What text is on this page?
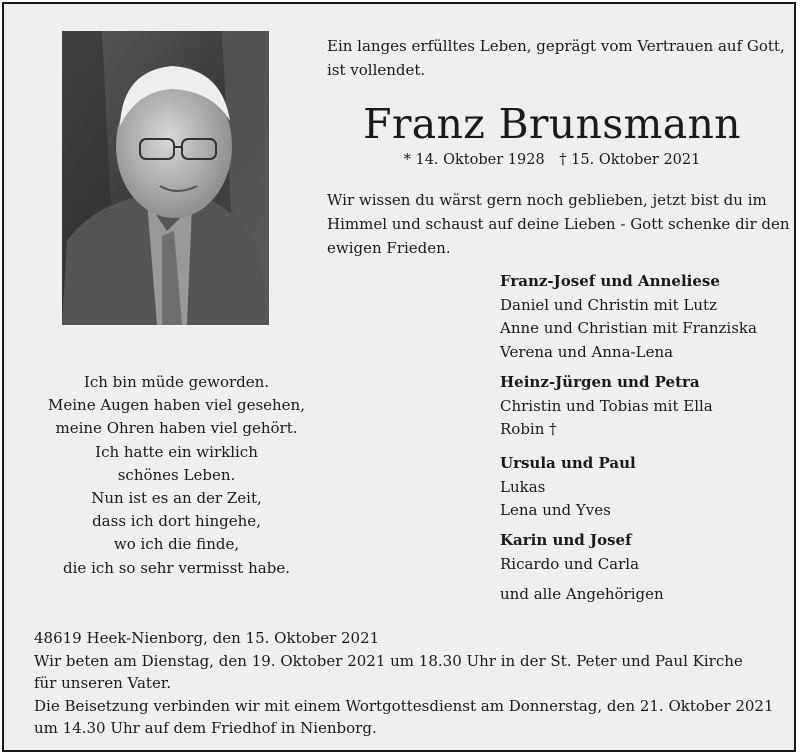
Ein langes erfülltes Leben, geprägt vom Vertrauen auf Gott,
ist vollendet.
Franz Brunsmann
* 14. Oktober 1928 † 15. Oktober 2021
Wir wissen du wärst gern noch geblieben, jetzt bist du im
Himmel und schaust auf deine Lieben - Gott schenke dir den
ewigen Frieden.
Ich bin müde geworden.
Meine Augen haben viel gesehen,
meine Ohren haben viel gehört.
Ich hatte ein wirklich
schönes Leben.
Nun ist es an der Zeit,
dass ich dort hingehe,
wo ich die finde,
die ich so sehr vermisst habe.
Franz-Josef und Anneliese
Daniel und Christin mit Lutz
Anne und Christian mit Franziska
Verena und Anna-Lena
Heinz-Jürgen und Petra
Christin und Tobias mit Ella
Robin †
Ursula und Paul
Lukas
Lena und Yves
Karin und Josef
Ricardo und Carla
und alle Angehörigen
48619 Heek-Nienborg, den 15. Oktober 2021
Wir beten am Dienstag, den 19. Oktober 2021 um 18.30 Uhr in der St. Peter und Paul Kirche
für unseren Vater.
Die Beisetzung verbinden wir mit einem Wortgottesdienst am Donnerstag, den 21. Oktober 2021
um 14.30 Uhr auf dem Friedhof in Nienborg.
